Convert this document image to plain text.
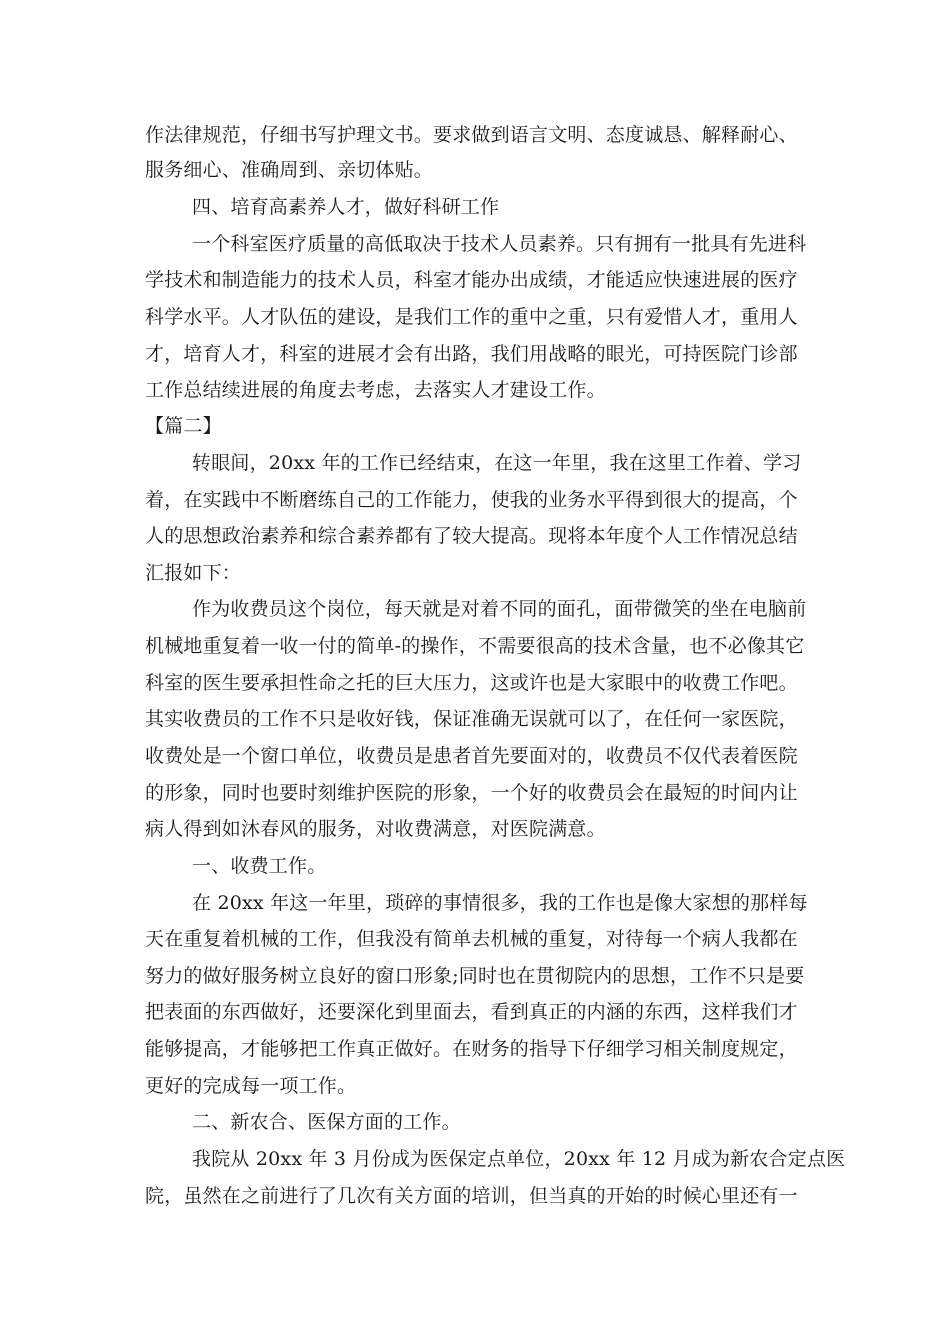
作法律规范，仔细书写护理文书。要求做到语言文明、态度诚恳、解释耐心、
服务细心、准确周到、亲切体贴。
四、培育高素养人才，做好科研工作
一个科室医疗质量的高低取决于技术人员素养。只有拥有一批具有先进科
学技术和制造能力的技术人员，科室才能办出成绩，才能适应快速进展的医疗
科学水平。人才队伍的建设，是我们工作的重中之重，只有爱惜人才，重用人
才，培育人才，科室的进展才会有出路，我们用战略的眼光，可持医院门诊部
工作总结续进展的角度去考虑，去落实人才建设工作。
【篇二】
转眼间，20xx 年的工作已经结束，在这一年里，我在这里工作着、学习
着，在实践中不断磨练自己的工作能力，使我的业务水平得到很大的提高，个
人的思想政治素养和综合素养都有了较大提高。现将本年度个人工作情况总结
汇报如下：
作为收费员这个岗位，每天就是对着不同的面孔，面带微笑的坐在电脑前
机械地重复着一收一付的简单-的操作，不需要很高的技术含量，也不必像其它
科室的医生要承担性命之托的巨大压力，这或许也是大家眼中的收费工作吧。
其实收费员的工作不只是收好钱，保证准确无误就可以了，在任何一家医院，
收费处是一个窗口单位，收费员是患者首先要面对的，收费员不仅代表着医院
的形象，同时也要时刻维护医院的形象，一个好的收费员会在最短的时间内让
病人得到如沐春风的服务，对收费满意，对医院满意。
一、收费工作。
在 20xx 年这一年里，琐碎的事情很多，我的工作也是像大家想的那样每
天在重复着机械的工作，但我没有简单去机械的重复，对待每一个病人我都在
努力的做好服务树立良好的窗口形象;同时也在贯彻院内的思想，工作不只是要
把表面的东西做好，还要深化到里面去，看到真正的内涵的东西，这样我们才
能够提高，才能够把工作真正做好。在财务的指导下仔细学习相关制度规定，
更好的完成每一项工作。
二、新农合、医保方面的工作。
我院从 20xx 年 3 月份成为医保定点单位，20xx 年 12 月成为新农合定点医
院，虽然在之前进行了几次有关方面的培训，但当真的开始的时候心里还有一
